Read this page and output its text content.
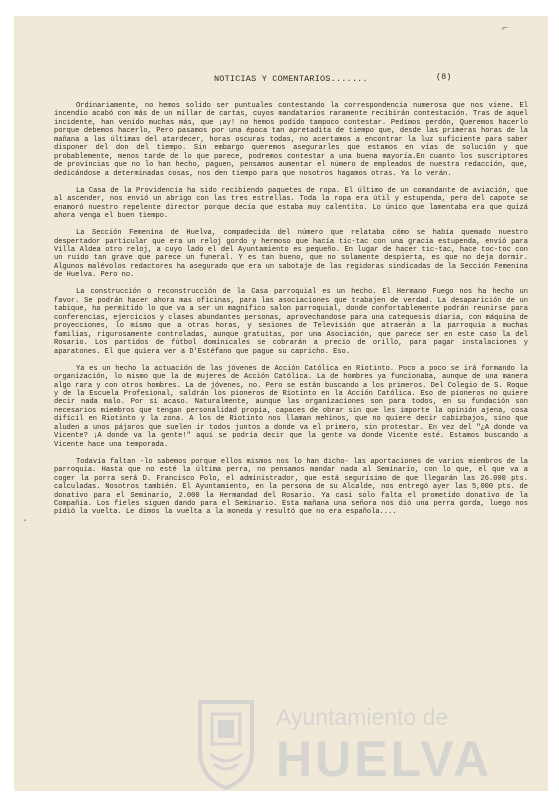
⌐
·
NOTICIAS Y COMENTARIOS.......	(8)

Ordinariamente, no hemos solido ser puntuales contestando la correspondencia numerosa que nos viene. El incendio acabó con más de un millar de cartas, cuyos mandatarios raramente recibirán contestación. Tras de aquel incidente, han venido muchas más, que ¡ay! no hemos podido tampoco contestar. Pedimos perdón, Queremos hacerlo porque debemos hacerlo, Pero pasamos por una época tan apretadita de tiempo que, desde las primeras horas de la mañana a las últimas del atardecer, horas oscuras todas, no acertamos a encontrar la luz suficiente para saber disponer del don del tiempo. Sin embargo queremos asegurarles que estamos en vías de solución y que probablemente, menos tarde de lo que parece, podremos contestar a una buena mayoría.En cuanto los suscriptores de provincias que no lo han hecho, paguen, pensamos aumentar el número de empleados de nuestra redacción, que, dedicándose a determinadas cosas, nos den tiempo para que nosotros hagamos otras. Ya lo verán.

La Casa de la Providencia ha sido recibiendo paquetes de ropa. El último de un comandante de aviación, que al ascender, nos envió un abrigo con las tres estrellas. Toda la ropa era útil y estupenda, pero del capote se enamoró nuestro repelente director porque decía que estaba muy calentito. Lo único que lamentaba era que quizá ahora venga el buen tiempo.

La Sección Femenina de Huelva, compadecida del número que relataba cómo se había quemado nuestro despertador particular que era un reloj gordo y hermoso que hacía tic-tac con una gracia estupenda, envió para Villa Aldea otro reloj, a cuyo lado el del Ayuntamiento es pequeño. En lugar de hacer tic-tac, hace toc-toc con un ruido tan grave que parece un funeral. Y es tan bueno, que no solamente despierta, es que no deja dormir. Algunos malévolos redactores ha asegurado que era un sabotaje de las regidoras sindicadas de la Sección Femenina de Huelva. Pero no.

La construcción o reconstrucción de la Casa parroquial es un hecho. El Hermano Fuego nos ha hecho un favor. Se podrán hacer ahora mas oficinas, para las asociaciones que trabajen de verdad. La desaparición de un tabique, ha permitido lo que va a ser un magnífico salon parroquial, donde confortablemente podrán reunirse para conferencias, ejercicios y clases abundantes personas, aprovechandose para una catequesis diaria, con máquina de proyecciones, lo mismo que a otras horas, y sesiones de Televisión que atraerán a la parroquia a muchas familias, rigurosamente controladas, aunque gratuitas, por una Asociación, que parece ser en este caso la del Rosario. Los partidos de fútbol dominicales se cobrarán a precio de orillo, para pagar instalaciones y aparatones. El que quiera ver a D'Estéfano que pague su capricho. Eso.

Ya es un hecho la actuación de las jóvenes de Acción Católica en Riotinto. Poco a poco se irá formando la organización, lo mismo que la de mujeres de Acción Católica. La de hombres ya funcionaba, aunque de una manera algo rara y con otros hombres. La de jóvenes, no. Pero se están buscando a los primeros. Del Colegio de S. Roque y de la Escuela Profesional, saldrán los pioneros de Riotinto en la Acción Católica. Eso de pioneros no quiere decir nada malo. Por si acaso. Naturalmente, aunque las organizaciones son para todos, en su fundación son necesarios miembros que tengan personalidad propia, capaces de obrar sin que les importe la opinión ajena, cosa difícil en Riotinto y la zona. A los de Riotinto nos llaman mehinos, que no quiere decir cabizbajos, sino que aluden a unos pájaros que suelen ir todos juntos a donde va el primero, sin protestar. En vez del "¿A donde va Vicente? ¡A donde va la gente!" aquí se podría decir que la gente va donde Vicente esté. Estamos buscando a Vicente hace una temporada.

Todavía faltan -lo sabemos porque ellos mismos nos lo han dicho- las aportaciones de varios miembros de la parroquia. Hasta que no esté la última perra, no pensamos mandar nada al Seminario, con lo que, el que va a coger la porra será D. Francisco Polo, el administrador, que está segurísimo de que llegarán las 26.000 pts. calculadas. Nosotros también. El Ayuntamiento, en la persona de su Alcalde, nos entregó ayer las 5,000 pts. de donativo para el Seminario, 2.000 la Hermandad del Rosario. Ya casi solo falta el prometido donativo de la Compañía. Los fieles siguen dando para el Seminario. Esta mañana una señora nos dió una perra gorda, luego nos pidió la vuelta. Le dimos la vuelta a la moneda y resultó que no era española....

Ayuntamiento de
HUELVA
